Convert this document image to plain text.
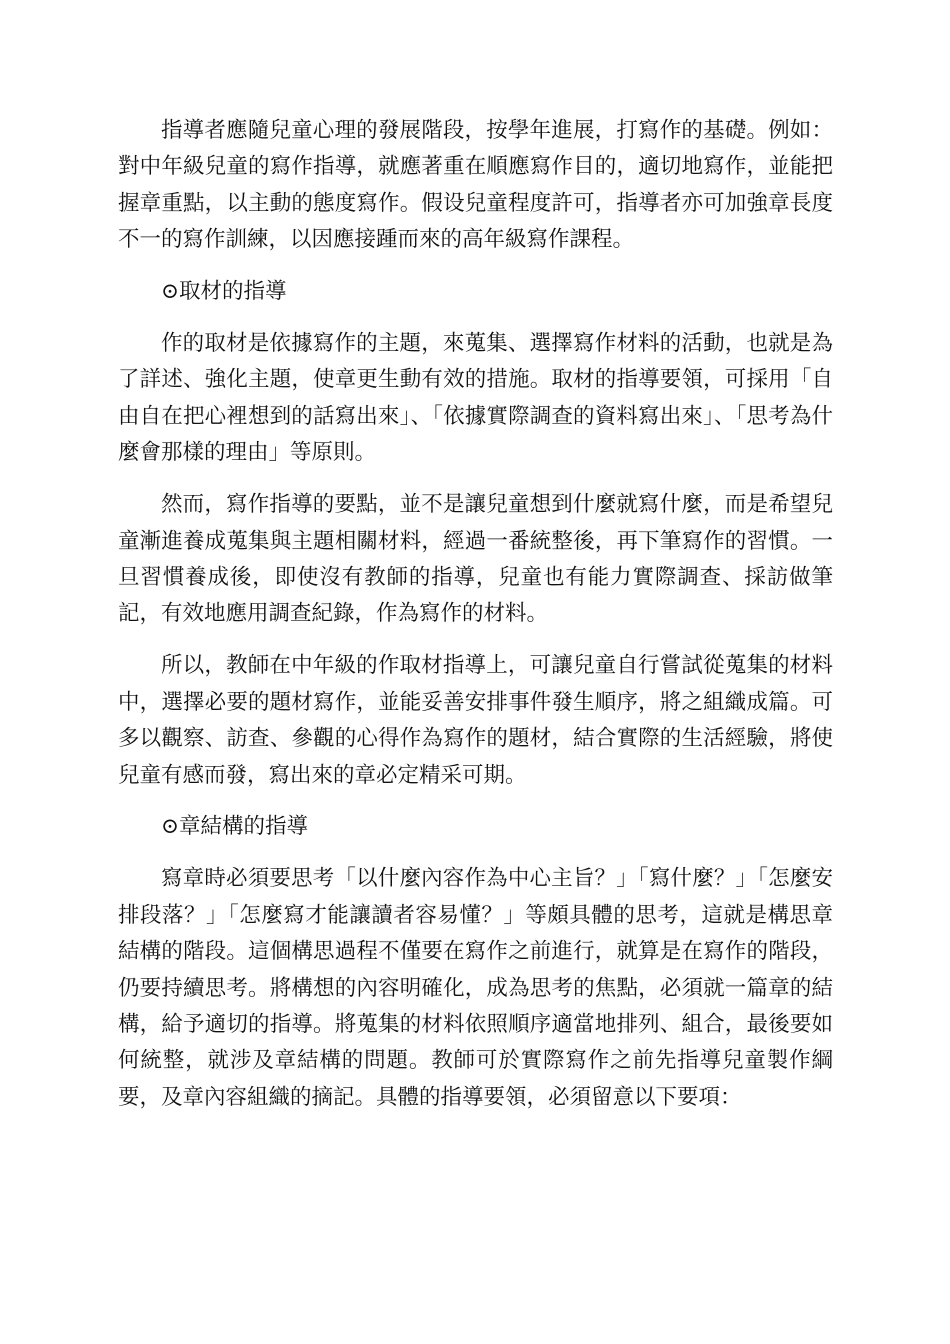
指導者應隨兒童心理的發展階段，按學年進展，打寫作的基礎。例如：對中年級兒童的寫作指導，就應著重在順應寫作目的，適切地寫作，並能把握章重點，以主動的態度寫作。假设兒童程度許可，指導者亦可加強章長度不一的寫作訓練，以因應接踵而來的高年級寫作課程。

⊙取材的指導

作的取材是依據寫作的主題，來蒐集、選擇寫作材料的活動，也就是為了詳述、強化主題，使章更生動有效的措施。取材的指導要領，可採用「自由自在把心裡想到的話寫出來」、「依據實際調查的資料寫出來」、「思考為什麼會那樣的理由」等原則。

然而，寫作指導的要點，並不是讓兒童想到什麼就寫什麼，而是希望兒童漸進養成蒐集與主題相關材料，經過一番統整後，再下筆寫作的習慣。一旦習慣養成後，即使沒有教師的指導，兒童也有能力實際調查、採訪做筆記，有效地應用調查紀錄，作為寫作的材料。

所以，教師在中年級的作取材指導上，可讓兒童自行嘗試從蒐集的材料中，選擇必要的題材寫作，並能妥善安排事件發生順序，將之組織成篇。可多以觀察、訪查、參觀的心得作為寫作的題材，結合實際的生活經驗，將使兒童有感而發，寫出來的章必定精采可期。

⊙章結構的指導

寫章時必須要思考「以什麼內容作為中心主旨？」「寫什麼？」「怎麼安排段落？」「怎麼寫才能讓讀者容易懂？」等頗具體的思考，這就是構思章結構的階段。這個構思過程不僅要在寫作之前進行，就算是在寫作的階段，仍要持續思考。將構想的內容明確化，成為思考的焦點，必須就一篇章的結構，給予適切的指導。將蒐集的材料依照順序適當地排列、組合，最後要如何統整，就涉及章結構的問題。教師可於實際寫作之前先指導兒童製作綱要，及章內容組織的摘記。具體的指導要領，必須留意以下要項：
